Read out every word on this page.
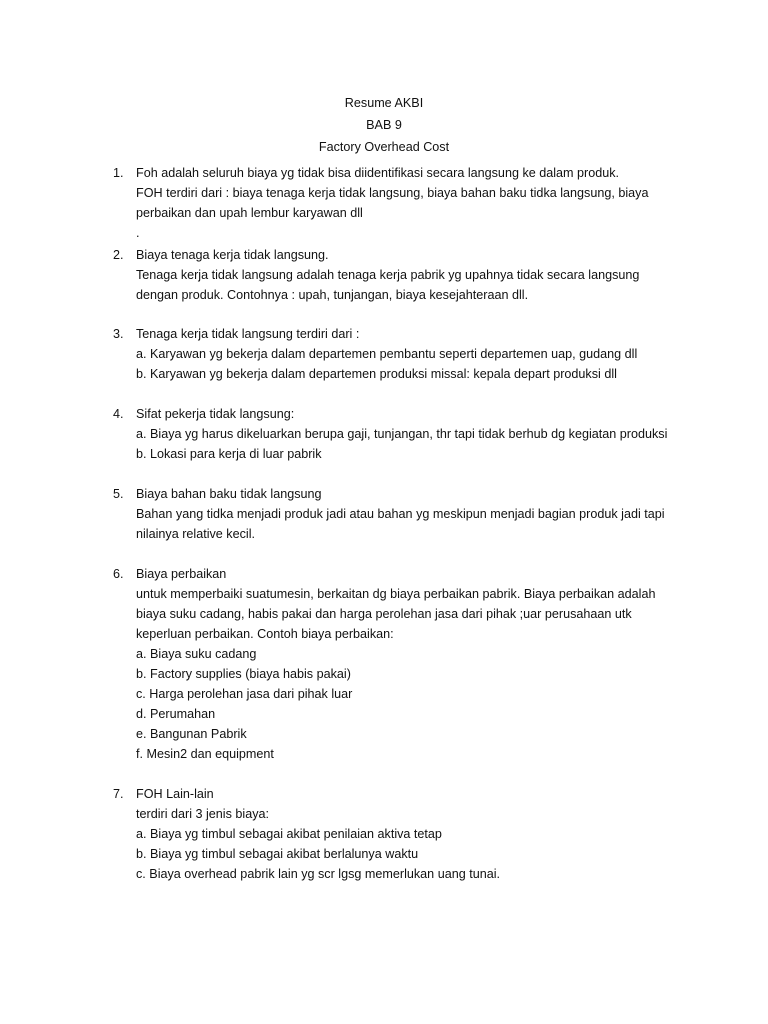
Resume AKBI
BAB 9
Factory Overhead Cost
1. Foh adalah seluruh biaya yg tidak bisa diidentifikasi secara langsung ke dalam produk.
FOH terdiri dari : biaya tenaga kerja tidak langsung, biaya bahan baku tidka langsung, biaya
perbaikan dan upah lembur karyawan dll
.
2. Biaya tenaga kerja tidak langsung.
Tenaga kerja tidak langsung adalah tenaga kerja pabrik yg upahnya tidak secara langsung
dengan produk. Contohnya : upah, tunjangan, biaya kesejahteraan dll.
3. Tenaga kerja tidak langsung terdiri dari :
a. Karyawan yg bekerja dalam departemen pembantu seperti departemen uap, gudang dll
b. Karyawan yg bekerja dalam departemen produksi missal: kepala depart produksi dll
4. Sifat pekerja tidak langsung:
a. Biaya yg harus dikeluarkan berupa gaji, tunjangan, thr tapi tidak berhub dg kegiatan produksi
b. Lokasi para kerja di luar pabrik
5. Biaya bahan baku tidak langsung
Bahan yang tidka menjadi produk jadi atau bahan yg meskipun menjadi bagian produk jadi tapi
nilainya relative kecil.
6. Biaya perbaikan
untuk memperbaiki suatumesin, berkaitan dg biaya perbaikan pabrik. Biaya perbaikan adalah
biaya suku cadang, habis pakai dan harga perolehan jasa dari pihak ;uar perusahaan utk
keperluan perbaikan. Contoh biaya perbaikan:
a. Biaya suku cadang
b. Factory supplies (biaya habis pakai)
c. Harga perolehan jasa dari pihak luar
d. Perumahan
e. Bangunan Pabrik
f. Mesin2 dan equipment
7. FOH Lain-lain
terdiri dari 3 jenis biaya:
a. Biaya yg timbul sebagai akibat penilaian aktiva tetap
b. Biaya yg timbul sebagai akibat berlalunya waktu
c. Biaya overhead pabrik lain yg scr lgsg memerlukan uang tunai.
